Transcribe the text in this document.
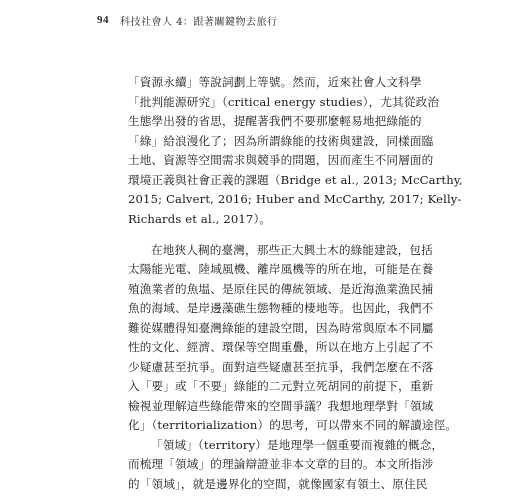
94 科技社會人 4：跟著關鍵物去旅行
「資源永續」等說詞劃上等號。然而，近來社會人文科學
「批判能源研究」（critical energy studies），尤其從政治
生態學出發的省思，提醒著我們不要那麼輕易地把綠能的
「綠」給浪漫化了；因為所謂綠能的技術與建設，同樣面臨
土地、資源等空間需求與競爭的問題，因而產生不同層面的
環境正義與社會正義的課題（Bridge et al., 2013; McCarthy,
2015; Calvert, 2016; Huber and McCarthy, 2017; Kelly-
Richards et al., 2017）。
在地狹人稠的臺灣，那些正大興土木的綠能建設，包括
太陽能光電、陸域風機、離岸風機等的所在地，可能是在養
殖漁業者的魚塭、是原住民的傳統領域、是近海漁業漁民捕
魚的海域、是岸邊藻礁生態物種的棲地等。也因此，我們不
難從媒體得知臺灣綠能的建設空間，因為時常與原本不同屬
性的文化、經濟、環保等空間重疊，所以在地方上引起了不
少疑慮甚至抗爭。面對這些疑慮甚至抗爭，我們怎麼在不落
入「要」或「不要」綠能的二元對立死胡同的前提下，重新
檢視並理解這些綠能帶來的空間爭議？我想地理學對「領域
化」（territorialization）的思考，可以帶來不同的解讀途徑。
「領域」（territory）是地理學一個重要而複雜的概念，
而梳理「領域」的理論辯證並非本文章的目的。本文所指涉
的「領域」，就是邊界化的空間，就像國家有領土、原住民
